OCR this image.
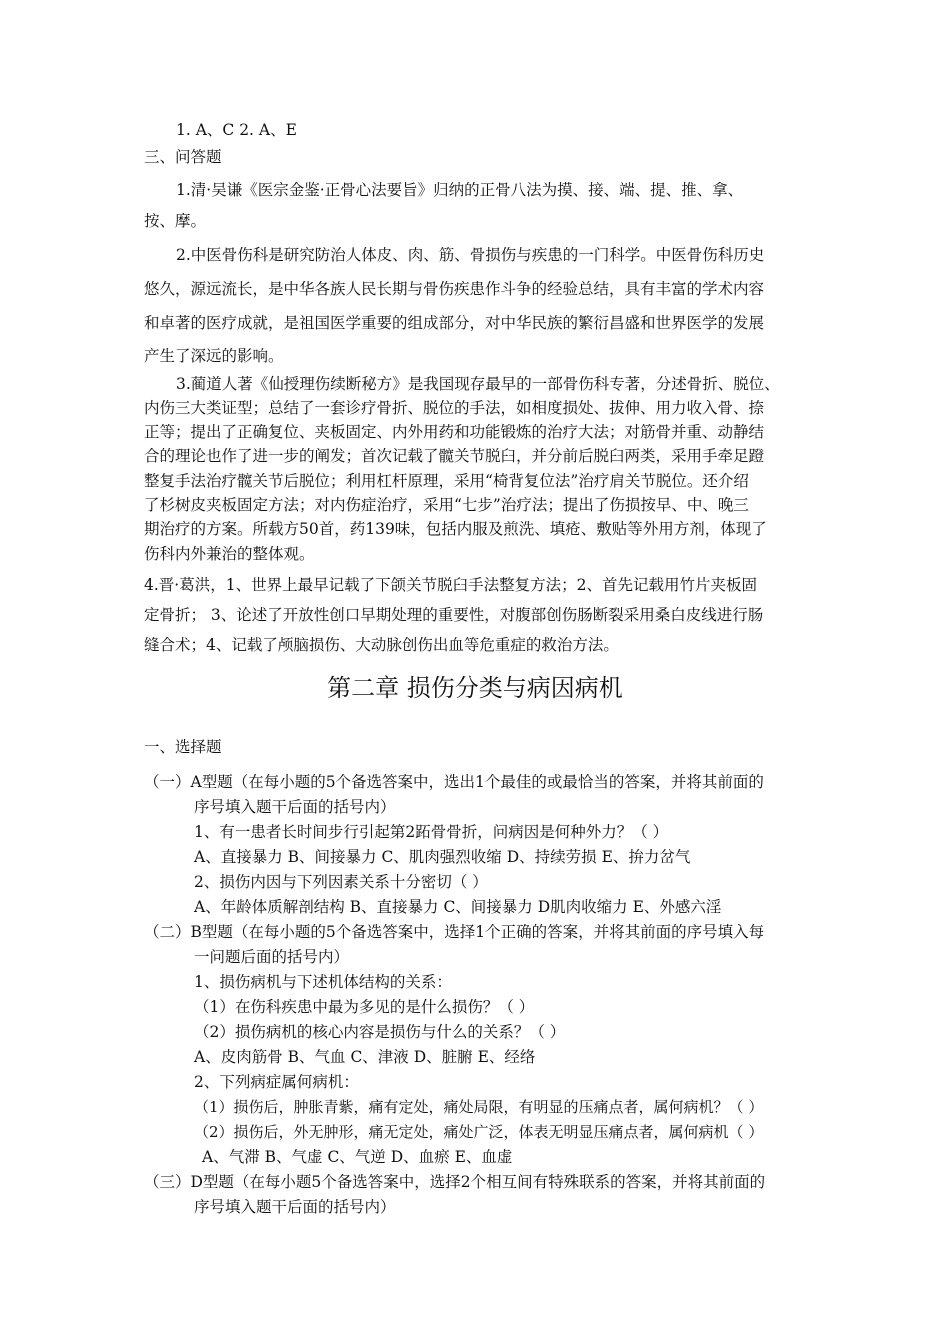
1. A、C 2. A、E
三、问答题
1.清·吴谦《医宗金鉴·正骨心法要旨》归纳的正骨八法为摸、接、端、提、推、拿、
按、摩。
2.中医骨伤科是研究防治人体皮、肉、筋、骨损伤与疾患的一门科学。中医骨伤科历史
悠久，源远流长，是中华各族人民长期与骨伤疾患作斗争的经验总结，具有丰富的学术内容
和卓著的医疗成就，是祖国医学重要的组成部分，对中华民族的繁衍昌盛和世界医学的发展
产生了深远的影响。
3.蔺道人著《仙授理伤续断秘方》是我国现存最早的一部骨伤科专著，分述骨折、脱位、
内伤三大类证型；总结了一套诊疗骨折、脱位的手法，如相度损处、拔伸、用力收入骨、捺
正等；提出了正确复位、夹板固定、内外用药和功能锻炼的治疗大法；对筋骨并重、动静结
合的理论也作了进一步的阐发；首次记载了髋关节脱臼，并分前后脱臼两类，采用手牵足蹬
整复手法治疗髋关节后脱位；利用杠杆原理，采用“椅背复位法”治疗肩关节脱位。还介绍
了杉树皮夹板固定方法；对内伤症治疗，采用“七步”治疗法；提出了伤损按早、中、晚三
期治疗的方案。所载方50首，药139味，包括内服及煎洗、填疮、敷贴等外用方剂，体现了
伤科内外兼治的整体观。
4.晋·葛洪，1、世界上最早记载了下颌关节脱臼手法整复方法；2、首先记载用竹片夹板固
定骨折； 3、论述了开放性创口早期处理的重要性，对腹部创伤肠断裂采用桑白皮线进行肠
缝合术；4、记载了颅脑损伤、大动脉创伤出血等危重症的救治方法。
第二章 损伤分类与病因病机
一、选择题
（一）A型题（在每小题的5个备选答案中，选出1个最佳的或最恰当的答案，并将其前面的
序号填入题干后面的括号内）
1、有一患者长时间步行引起第2跖骨骨折，问病因是何种外力？（ ）
A、直接暴力 B、间接暴力 C、肌肉强烈收缩 D、持续劳损 E、拚力岔气
2、损伤内因与下列因素关系十分密切（ ）
A、年龄体质解剖结构 B、直接暴力 C、间接暴力 D肌肉收缩力 E、外感六淫
（二）B型题（在每小题的5个备选答案中，选择1个正确的答案，并将其前面的序号填入每
一问题后面的括号内）
1、损伤病机与下述机体结构的关系：
（1）在伤科疾患中最为多见的是什么损伤？（ ）
（2）损伤病机的核心内容是损伤与什么的关系？（ ）
A、皮肉筋骨 B、气血 C、津液 D、脏腑 E、经络
2、下列病症属何病机：
（1）损伤后，肿胀青紫，痛有定处，痛处局限，有明显的压痛点者，属何病机？（ ）
（2）损伤后，外无肿形，痛无定处，痛处广泛，体表无明显压痛点者，属何病机（ ）
A、气滞 B、气虚 C、气逆 D、血瘀 E、血虚
（三）D型题（在每小题5个备选答案中，选择2个相互间有特殊联系的答案，并将其前面的
序号填入题干后面的括号内）
